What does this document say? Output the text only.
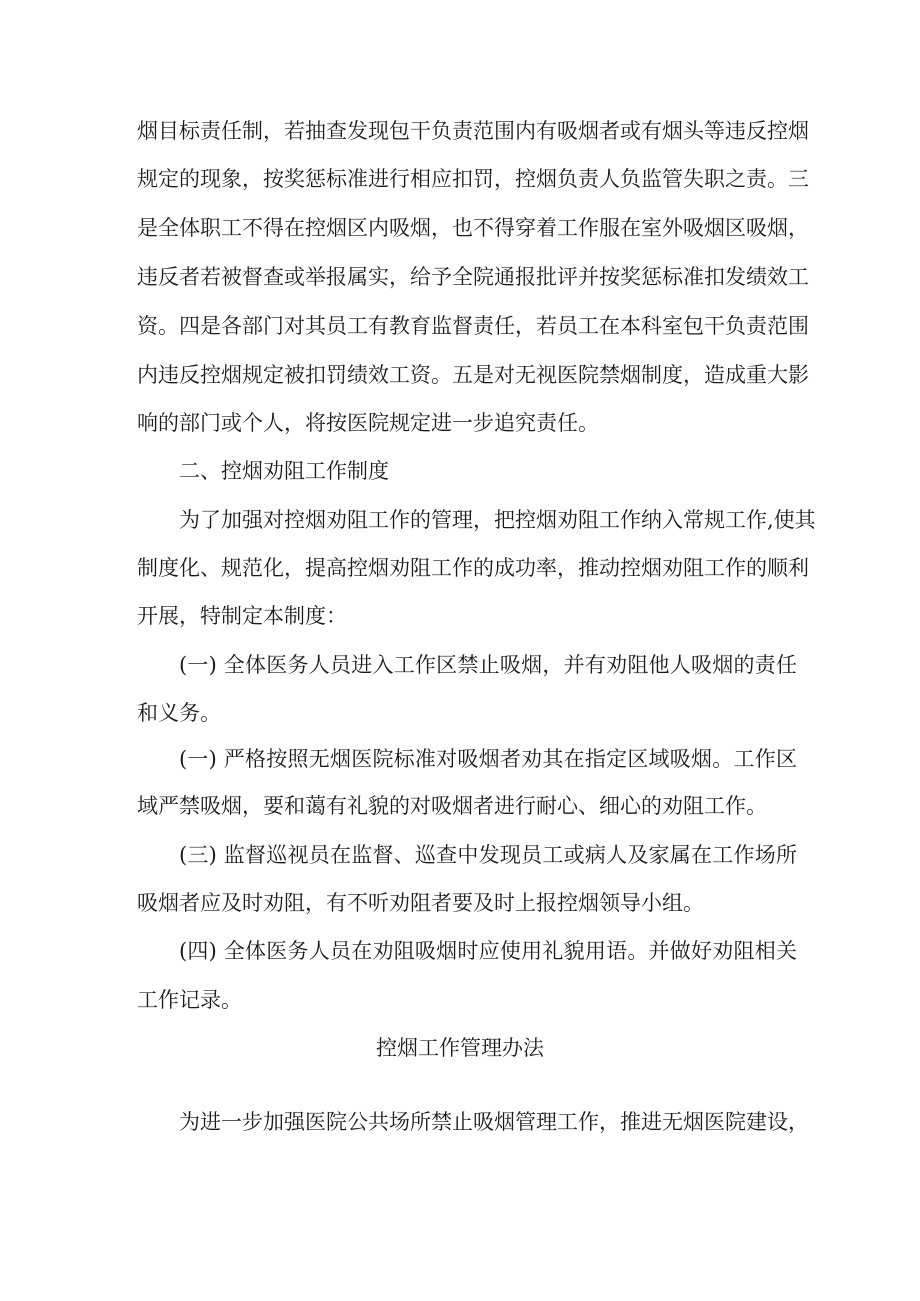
烟目标责任制，若抽查发现包干负责范围内有吸烟者或有烟头等违反控烟
规定的现象，按奖惩标准进行相应扣罚，控烟负责人负监管失职之责。三
是全体职工不得在控烟区内吸烟，也不得穿着工作服在室外吸烟区吸烟，
违反者若被督查或举报属实，给予全院通报批评并按奖惩标准扣发绩效工
资。四是各部门对其员工有教育监督责任，若员工在本科室包干负责范围
内违反控烟规定被扣罚绩效工资。五是对无视医院禁烟制度，造成重大影
响的部门或个人，将按医院规定进一步追究责任。
二、控烟劝阻工作制度
为了加强对控烟劝阻工作的管理，把控烟劝阻工作纳入常规工作,使其
制度化、规范化，提高控烟劝阻工作的成功率，推动控烟劝阻工作的顺利
开展，特制定本制度：
(一) 全体医务人员进入工作区禁止吸烟，并有劝阻他人吸烟的责任
和义务。
(一) 严格按照无烟医院标准对吸烟者劝其在指定区域吸烟。工作区
域严禁吸烟，要和蔼有礼貌的对吸烟者进行耐心、细心的劝阻工作。
(三) 监督巡视员在监督、巡查中发现员工或病人及家属在工作场所
吸烟者应及时劝阻，有不听劝阻者要及时上报控烟领导小组。
(四) 全体医务人员在劝阻吸烟时应使用礼貌用语。并做好劝阻相关
工作记录。
控烟工作管理办法
为进一步加强医院公共场所禁止吸烟管理工作，推进无烟医院建设，
